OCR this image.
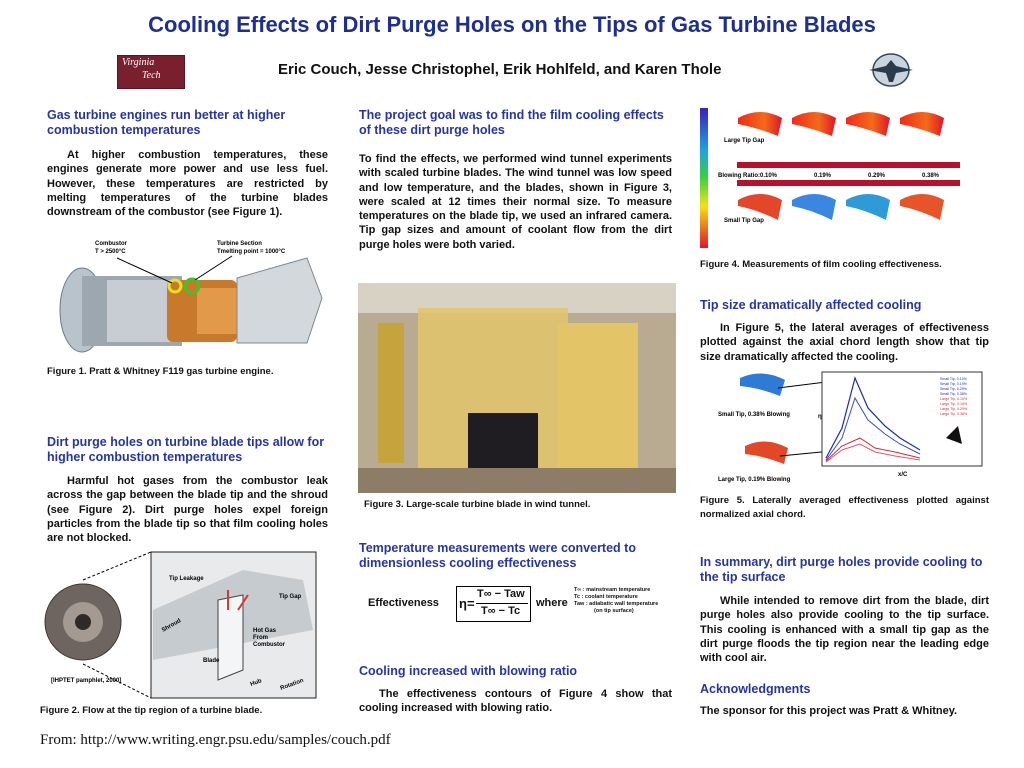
Cooling Effects of Dirt Purge Holes on the Tips of Gas Turbine Blades
Virginia
Tech	Eric Couch, Jesse Christophel, Erik Hohlfeld, and Karen Thole
Gas turbine engines run better at higher combustion temperatures
At higher combustion temperatures, these engines generate more power and use less fuel. However, these temperatures are restricted by melting temperatures of the turbine blades downstream of the combustor (see Figure 1).
Combustor
T > 2500°C
Turbine Section
Tmelting point = 1000°C
Figure 1. Pratt & Whitney F119 gas turbine engine.
Dirt purge holes on turbine blade tips allow for higher combustion temperatures
Harmful hot gases from the combustor leak across the gap between the blade tip and the shroud (see Figure 2). Dirt purge holes expel foreign particles from the blade tip so that film cooling holes are not blocked.
Tip Leakage
Tip Gap
Shroud	Hot Gas
From
Combustor
Blade
Hub	Rotation
[IHPTET pamphlet, 2000]
Figure 2. Flow at the tip region of a turbine blade.
The project goal was to find the film cooling effects of these dirt purge holes
To find the effects, we performed wind tunnel experiments with scaled turbine blades. The wind tunnel was low speed and low temperature, and the blades, shown in Figure 3, were scaled at 12 times their normal size. To measure temperatures on the blade tip, we used an infrared camera. Tip gap sizes and amount of coolant flow from the dirt purge holes were both varied.
Figure 3. Large-scale turbine blade in wind tunnel.
Temperature measurements were converted to dimensionless cooling effectiveness
Effectiveness η=
T∞ − Taw
T∞ − Tc
where
T∞ : mainstream temperature
Tc : coolant temperature
Taw : adiabatic wall temperature
(on tip surface)
Cooling increased with blowing ratio
The effectiveness contours of Figure 4 show that cooling increased with blowing ratio.
Large Tip Gap
Small Tip Gap
Blowing Ratio: 0.10%	0.19%	0.29%	0.38%
Figure 4. Measurements of film cooling effectiveness.
Tip size dramatically affected cooling
In Figure 5, the lateral averages of effectiveness plotted against the axial chord length show that tip size dramatically affected the cooling.
Small Tip, 0.38% Blowing
Large Tip, 0.19% Blowing
η
x/C
Small Tip, 0.10%
Small Tip, 0.19%
Small Tip, 0.29%
Small Tip, 0.38%
Large Tip, 0.10%
Large Tip, 0.19%
Large Tip, 0.29%
Large Tip, 0.38%
Figure 5. Laterally averaged effectiveness plotted against normalized axial chord.
In summary, dirt purge holes provide cooling to the tip surface
While intended to remove dirt from the blade, dirt purge holes also provide cooling to the tip surface. This cooling is enhanced with a small tip gap as the dirt purge floods the tip region near the leading edge with cool air.
Acknowledgments
The sponsor for this project was Pratt & Whitney.
From: http://www.writing.engr.psu.edu/samples/couch.pdf
